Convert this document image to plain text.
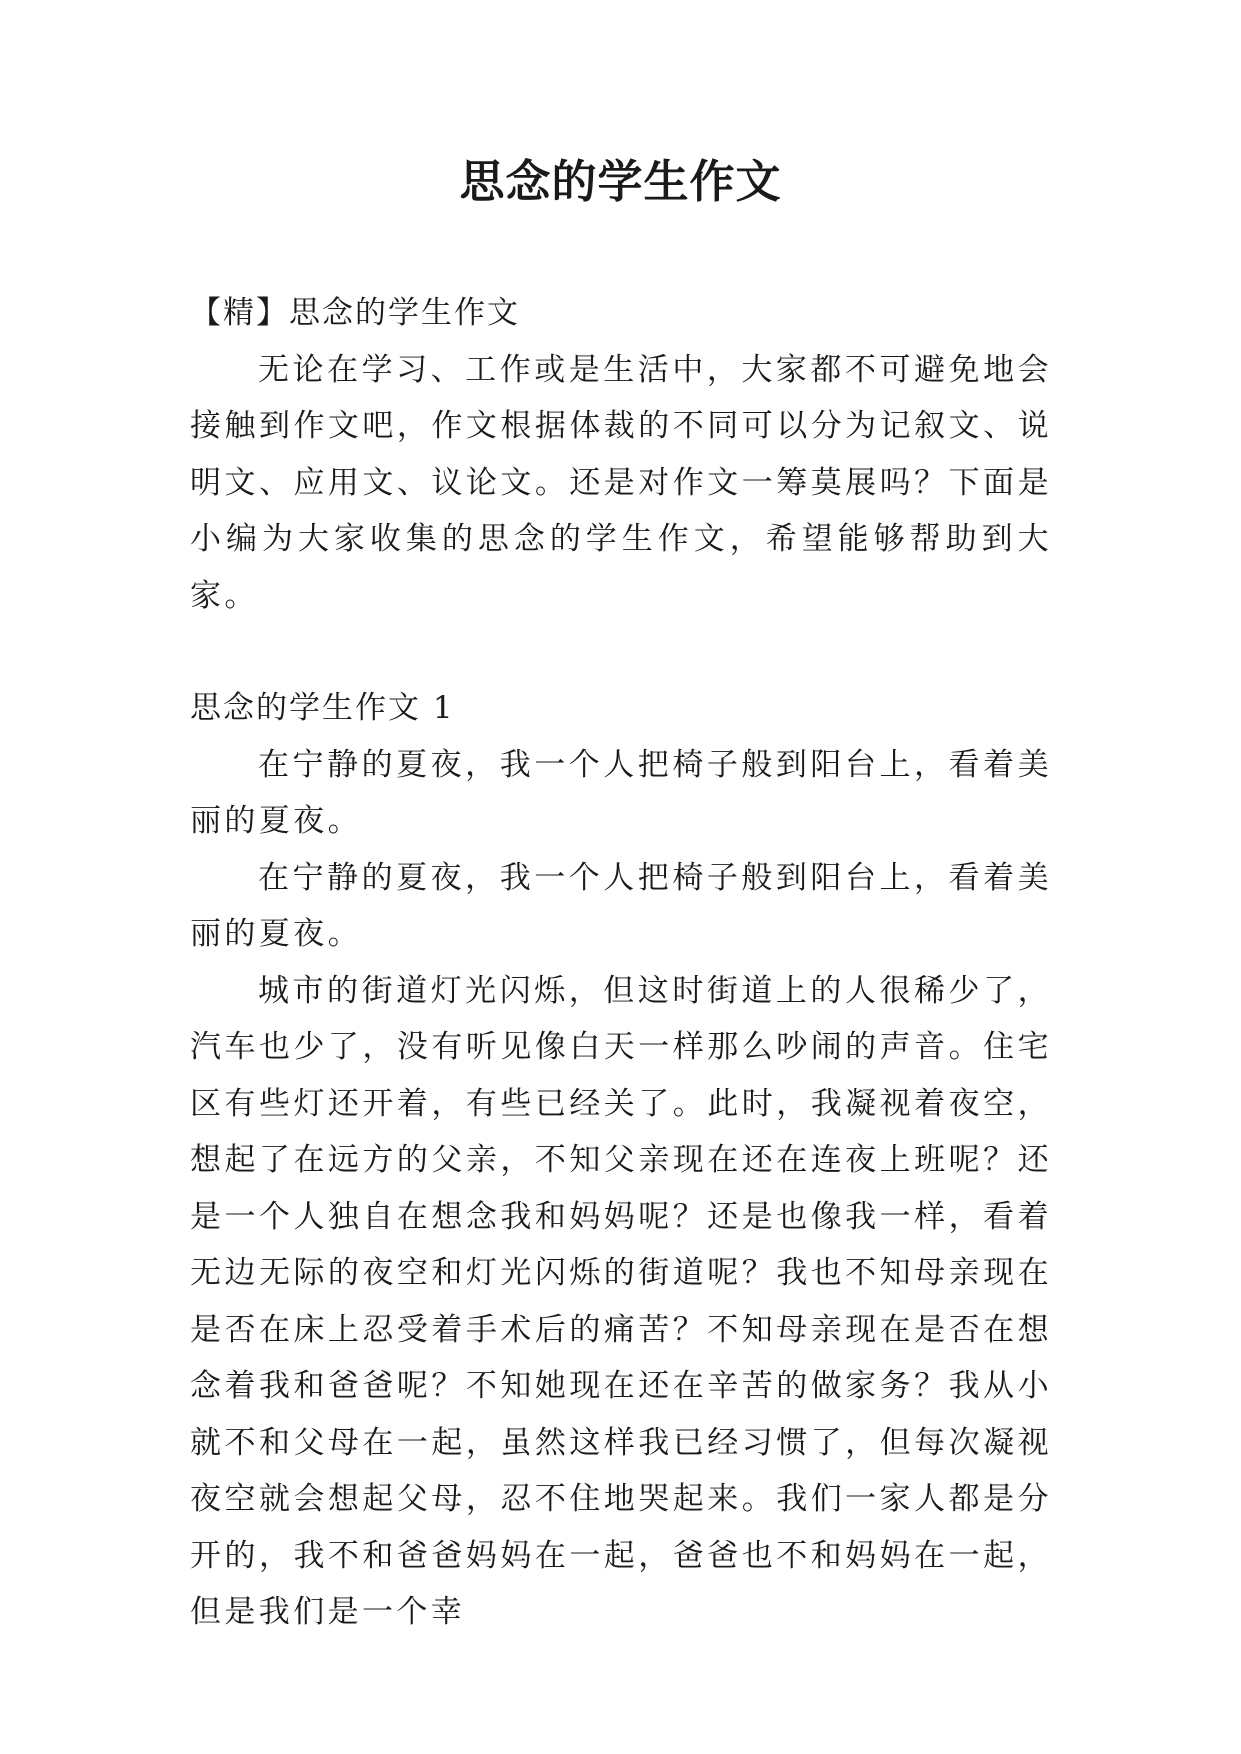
思念的学生作文

【精】思念的学生作文

无论在学习、工作或是生活中，大家都不可避免地会接触到作文吧，作文根据体裁的不同可以分为记叙文、说明文、应用文、议论文。还是对作文一筹莫展吗？下面是小编为大家收集的思念的学生作文，希望能够帮助到大家。

思念的学生作文 1

在宁静的夏夜，我一个人把椅子般到阳台上，看着美丽的夏夜。

在宁静的夏夜，我一个人把椅子般到阳台上，看着美丽的夏夜。

城市的街道灯光闪烁，但这时街道上的人很稀少了，汽车也少了，没有听见像白天一样那么吵闹的声音。住宅区有些灯还开着，有些已经关了。此时，我凝视着夜空，想起了在远方的父亲，不知父亲现在还在连夜上班呢？还是一个人独自在想念我和妈妈呢？还是也像我一样，看着无边无际的夜空和灯光闪烁的街道呢？我也不知母亲现在是否在床上忍受着手术后的痛苦？不知母亲现在是否在想念着我和爸爸呢？不知她现在还在辛苦的做家务？我从小就不和父母在一起，虽然这样我已经习惯了，但每次凝视夜空就会想起父母，忍不住地哭起来。我们一家人都是分开的，我不和爸爸妈妈在一起，爸爸也不和妈妈在一起，但是我们是一个幸
